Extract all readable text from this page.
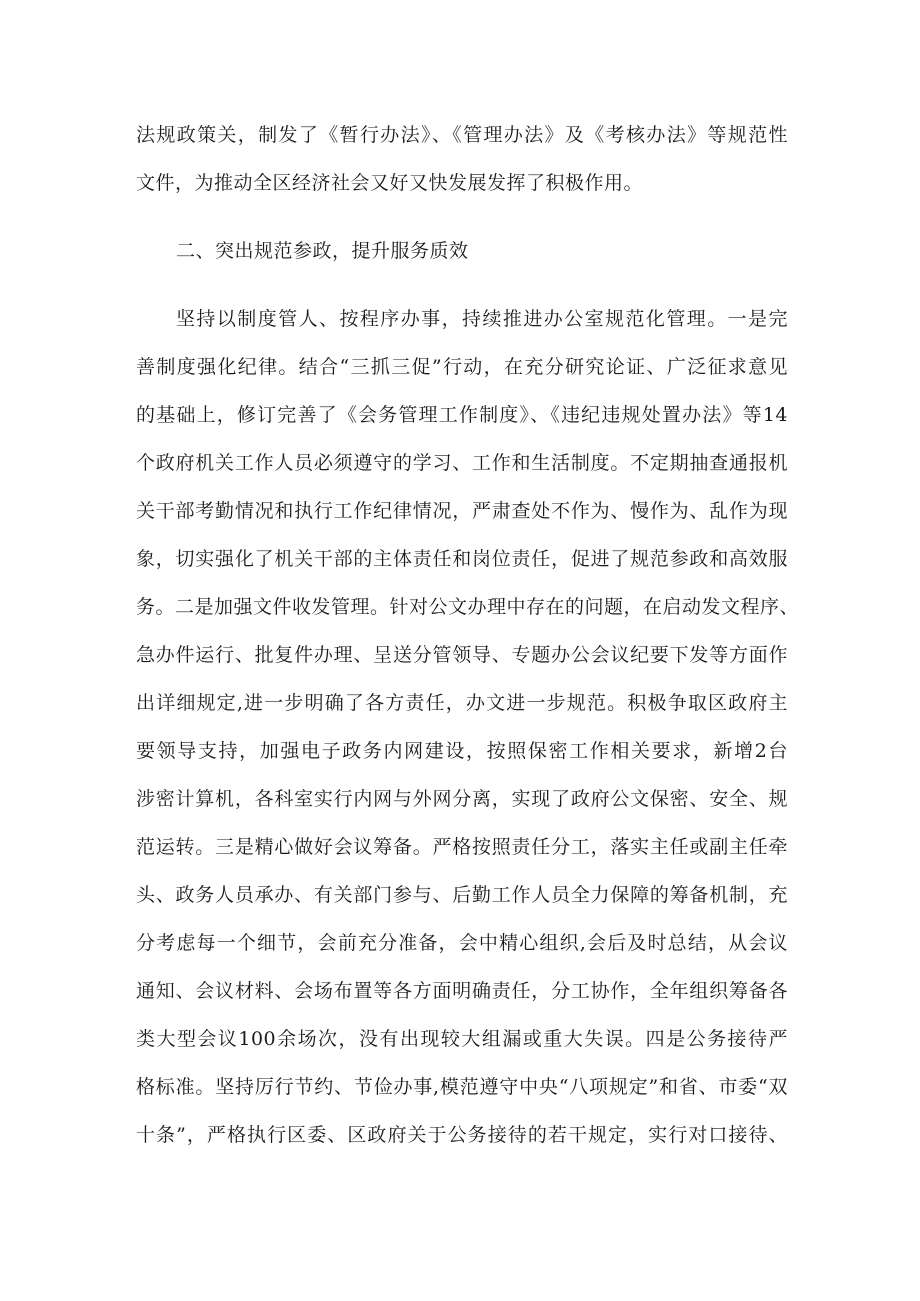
法规政策关，制发了《暂行办法》、《管理办法》及《考核办法》等规范性
文件，为推动全区经济社会又好又快发展发挥了积极作用。
二、突出规范参政，提升服务质效
坚持以制度管人、按程序办事，持续推进办公室规范化管理。一是完
善制度强化纪律。结合“三抓三促”行动，在充分研究论证、广泛征求意见
的基础上，修订完善了《会务管理工作制度》、《违纪违规处置办法》等14
个政府机关工作人员必须遵守的学习、工作和生活制度。不定期抽查通报机
关干部考勤情况和执行工作纪律情况，严肃查处不作为、慢作为、乱作为现
象，切实强化了机关干部的主体责任和岗位责任，促进了规范参政和高效服
务。二是加强文件收发管理。针对公文办理中存在的问题，在启动发文程序、
急办件运行、批复件办理、呈送分管领导、专题办公会议纪要下发等方面作
出详细规定,进一步明确了各方责任，办文进一步规范。积极争取区政府主
要领导支持，加强电子政务内网建设，按照保密工作相关要求，新增2台
涉密计算机，各科室实行内网与外网分离，实现了政府公文保密、安全、规
范运转。三是精心做好会议筹备。严格按照责任分工，落实主任或副主任牵
头、政务人员承办、有关部门参与、后勤工作人员全力保障的筹备机制，充
分考虑每一个细节，会前充分准备，会中精心组织,会后及时总结，从会议
通知、会议材料、会场布置等各方面明确责任，分工协作，全年组织筹备各
类大型会议100余场次，没有出现较大组漏或重大失误。四是公务接待严
格标准。坚持厉行节约、节俭办事,模范遵守中央“八项规定”和省、市委“双
十条”，严格执行区委、区政府关于公务接待的若干规定，实行对口接待、
